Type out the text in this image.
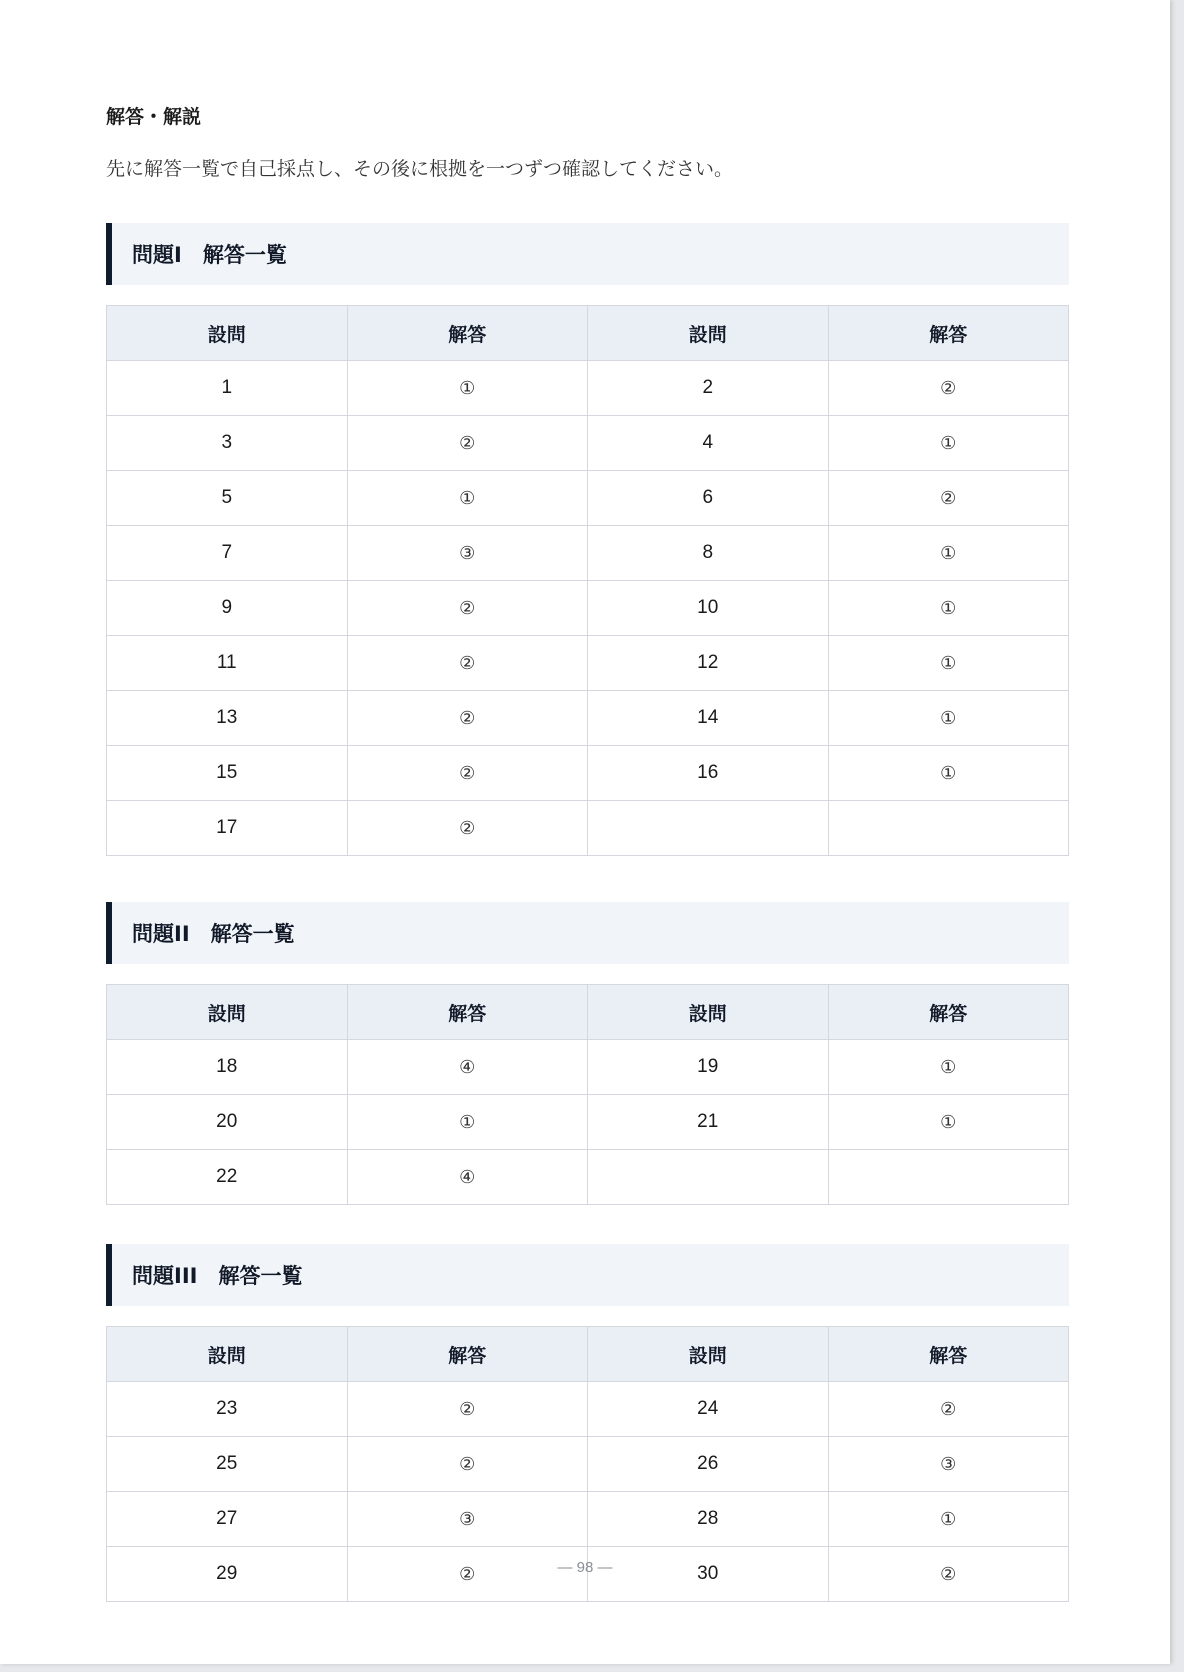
解答・解説
先に解答一覧で自己採点し、その後に根拠を一つずつ確認してください。
問題I　解答一覧
設問	解答	設問	解答
1	①	2	②
3	②	4	①
5	①	6	②
7	③	8	①
9	②	10	①
11	②	12	①
13	②	14	①
15	②	16	①
17	②		
問題II　解答一覧
設問	解答	設問	解答
18	④	19	①
20	①	21	①
22	④		
問題III　解答一覧
設問	解答	設問	解答
23	②	24	②
25	②	26	③
27	③	28	①
29	②	30	②
— 98 —
